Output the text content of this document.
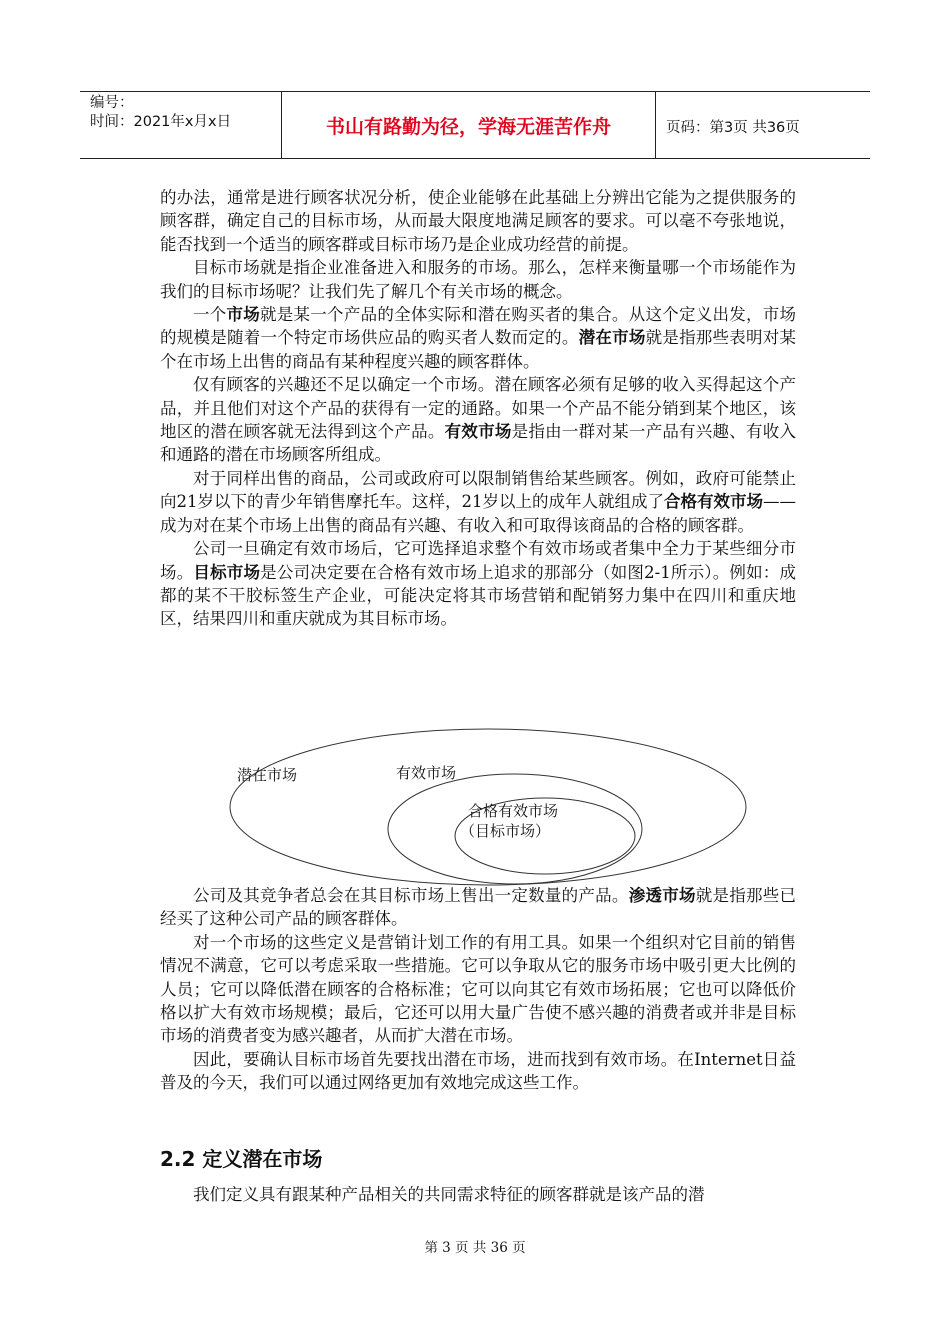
编号：
时间：2021年x月x日	书山有路勤为径，学海无涯苦作舟	页码：第3页 共36页

的办法，通常是进行顾客状况分析，使企业能够在此基础上分辨出它能为之提供服务的顾客群，确定自己的目标市场，从而最大限度地满足顾客的要求。可以毫不夸张地说，能否找到一个适当的顾客群或目标市场乃是企业成功经营的前提。

目标市场就是指企业准备进入和服务的市场。那么，怎样来衡量哪一个市场能作为我们的目标市场呢？让我们先了解几个有关市场的概念。

一个市场就是某一个产品的全体实际和潜在购买者的集合。从这个定义出发，市场的规模是随着一个特定市场供应品的购买者人数而定的。潜在市场就是指那些表明对某个在市场上出售的商品有某种程度兴趣的顾客群体。

仅有顾客的兴趣还不足以确定一个市场。潜在顾客必须有足够的收入买得起这个产品，并且他们对这个产品的获得有一定的通路。如果一个产品不能分销到某个地区，该地区的潜在顾客就无法得到这个产品。有效市场是指由一群对某一产品有兴趣、有收入和通路的潜在市场顾客所组成。

对于同样出售的商品，公司或政府可以限制销售给某些顾客。例如，政府可能禁止向21岁以下的青少年销售摩托车。这样，21岁以上的成年人就组成了合格有效市场——成为对在某个市场上出售的商品有兴趣、有收入和可取得该商品的合格的顾客群。

公司一旦确定有效市场后，它可选择追求整个有效市场或者集中全力于某些细分市场。目标市场是公司决定要在合格有效市场上追求的那部分（如图2-1所示）。例如：成都的某不干胶标签生产企业，可能决定将其市场营销和配销努力集中在四川和重庆地区，结果四川和重庆就成为其目标市场。

潜在市场	有效市场
合格有效市场
（目标市场）

公司及其竞争者总会在其目标市场上售出一定数量的产品。渗透市场就是指那些已经买了这种公司产品的顾客群体。

对一个市场的这些定义是营销计划工作的有用工具。如果一个组织对它目前的销售情况不满意，它可以考虑采取一些措施。它可以争取从它的服务市场中吸引更大比例的人员；它可以降低潜在顾客的合格标准；它可以向其它有效市场拓展；它也可以降低价格以扩大有效市场规模；最后，它还可以用大量广告使不感兴趣的消费者或并非是目标市场的消费者变为感兴趣者，从而扩大潜在市场。

因此，要确认目标市场首先要找出潜在市场，进而找到有效市场。在Internet日益普及的今天，我们可以通过网络更加有效地完成这些工作。

2.2 定义潜在市场

我们定义具有跟某种产品相关的共同需求特征的顾客群就是该产品的潜

第 3 页 共 36 页
